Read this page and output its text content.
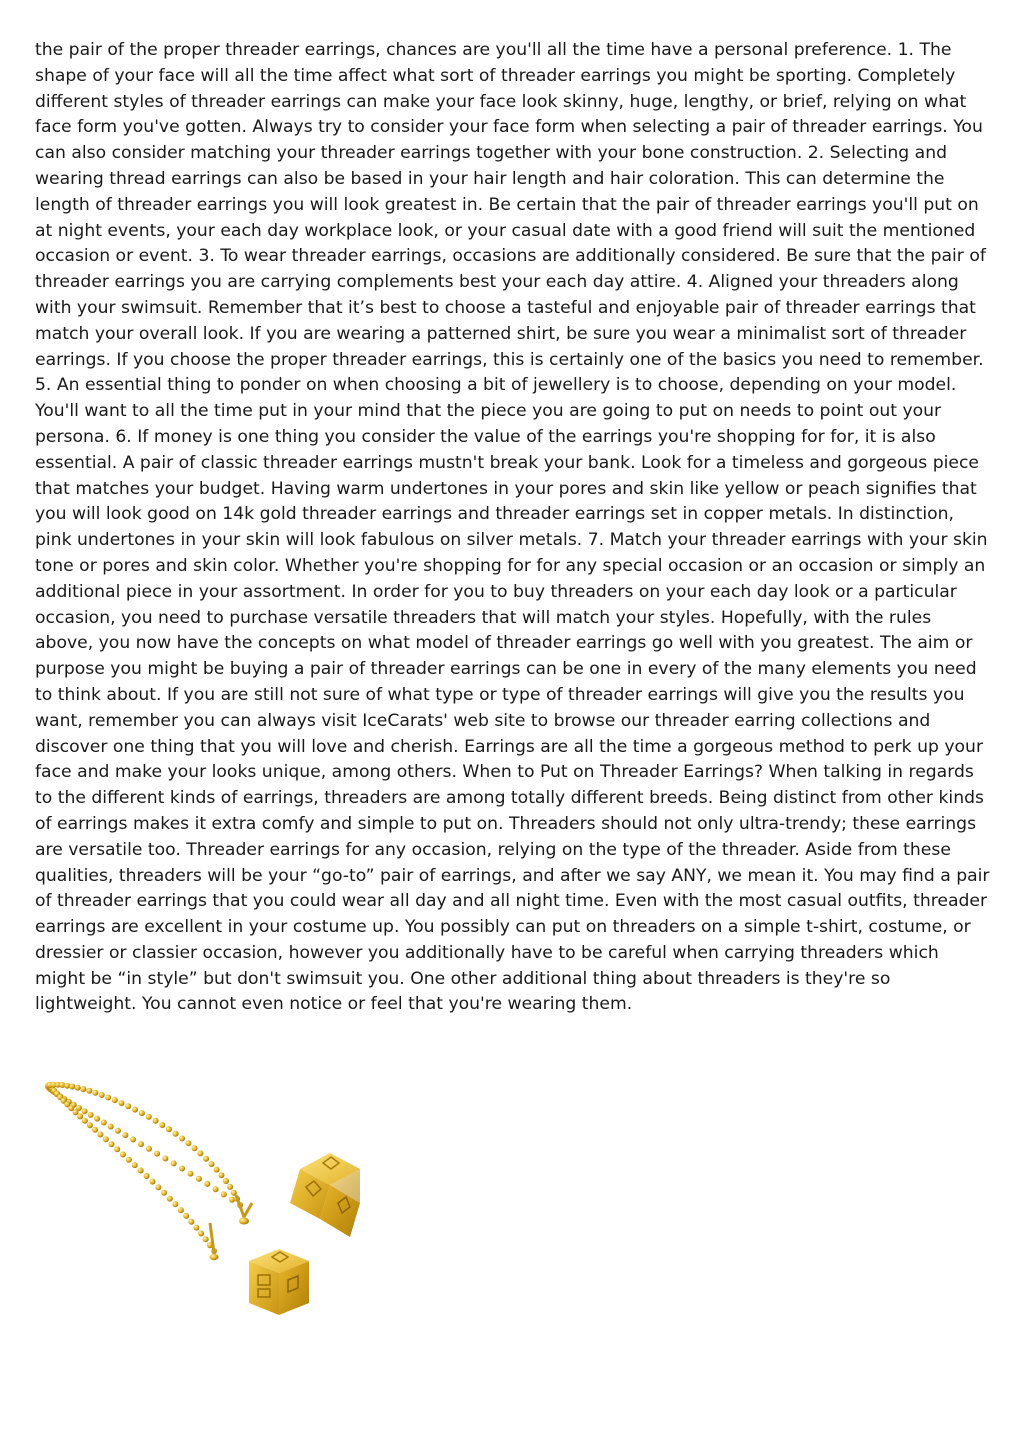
the pair of the proper threader earrings, chances are you'll all the time have a personal preference. 1. The shape of your face will all the time affect what sort of threader earrings you might be sporting. Completely different styles of threader earrings can make your face look skinny, huge, lengthy, or brief, relying on what face form you've gotten. Always try to consider your face form when selecting a pair of threader earrings. You can also consider matching your threader earrings together with your bone construction. 2. Selecting and wearing thread earrings can also be based in your hair length and hair coloration. This can determine the length of threader earrings you will look greatest in. Be certain that the pair of threader earrings you'll put on at night events, your each day workplace look, or your casual date with a good friend will suit the mentioned occasion or event. 3. To wear threader earrings, occasions are additionally considered. Be sure that the pair of threader earrings you are carrying complements best your each day attire. 4. Aligned your threaders along with your swimsuit. Remember that it’s best to choose a tasteful and enjoyable pair of threader earrings that match your overall look. If you are wearing a patterned shirt, be sure you wear a minimalist sort of threader earrings. If you choose the proper threader earrings, this is certainly one of the basics you need to remember. 5. An essential thing to ponder on when choosing a bit of jewellery is to choose, depending on your model. You'll want to all the time put in your mind that the piece you are going to put on needs to point out your persona. 6. If money is one thing you consider the value of the earrings you're shopping for for, it is also essential. A pair of classic threader earrings mustn't break your bank. Look for a timeless and gorgeous piece that matches your budget. Having warm undertones in your pores and skin like yellow or peach signifies that you will look good on 14k gold threader earrings and threader earrings set in copper metals. In distinction, pink undertones in your skin will look fabulous on silver metals. 7. Match your threader earrings with your skin tone or pores and skin color. Whether you're shopping for for any special occasion or an occasion or simply an additional piece in your assortment. In order for you to buy threaders on your each day look or a particular occasion, you need to purchase versatile threaders that will match your styles. Hopefully, with the rules above, you now have the concepts on what model of threader earrings go well with you greatest. The aim or purpose you might be buying a pair of threader earrings can be one in every of the many elements you need to think about. If you are still not sure of what type or type of threader earrings will give you the results you want, remember you can always visit IceCarats' web site to browse our threader earring collections and discover one thing that you will love and cherish. Earrings are all the time a gorgeous method to perk up your face and make your looks unique, among others. When to Put on Threader Earrings? When talking in regards to the different kinds of earrings, threaders are among totally different breeds. Being distinct from other kinds of earrings makes it extra comfy and simple to put on. Threaders should not only ultra-trendy; these earrings are versatile too. Threader earrings for any occasion, relying on the type of the threader. Aside from these qualities, threaders will be your “go-to” pair of earrings, and after we say ANY, we mean it. You may find a pair of threader earrings that you could wear all day and all night time. Even with the most casual outfits, threader earrings are excellent in your costume up. You possibly can put on threaders on a simple t-shirt, costume, or dressier or classier occasion, however you additionally have to be careful when carrying threaders which might be “in style” but don't swimsuit you. One other additional thing about threaders is they're so lightweight. You cannot even notice or feel that you're wearing them.
